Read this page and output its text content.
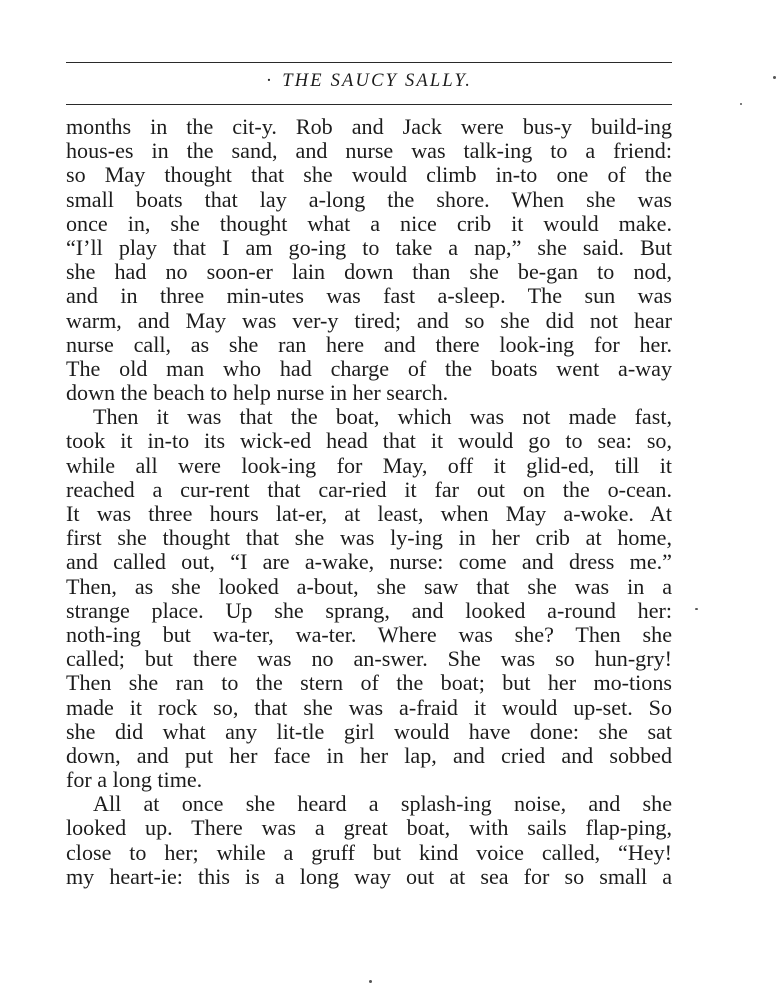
· THE SAUCY SALLY.
months in the cit-y. Rob and Jack were bus-y build-ing
hous-es in the sand, and nurse was talk-ing to a friend:
so May thought that she would climb in-to one of the
small boats that lay a-long the shore. When she was
once in, she thought what a nice crib it would make.
“I’ll play that I am go-ing to take a nap,” she said. But
she had no soon-er lain down than she be-gan to nod,
and in three min-utes was fast a-sleep. The sun was
warm, and May was ver-y tired; and so she did not hear
nurse call, as she ran here and there look-ing for her.
The old man who had charge of the boats went a-way
down the beach to help nurse in her search.
Then it was that the boat, which was not made fast,
took it in-to its wick-ed head that it would go to sea: so,
while all were look-ing for May, off it glid-ed, till it
reached a cur-rent that car-ried it far out on the o-cean.
It was three hours lat-er, at least, when May a-woke. At
first she thought that she was ly-ing in her crib at home,
and called out, “I are a-wake, nurse: come and dress me.”
Then, as she looked a-bout, she saw that she was in a
strange place. Up she sprang, and looked a-round her:
noth-ing but wa-ter, wa-ter. Where was she? Then she
called; but there was no an-swer. She was so hun-gry!
Then she ran to the stern of the boat; but her mo-tions
made it rock so, that she was a-fraid it would up-set. So
she did what any lit-tle girl would have done: she sat
down, and put her face in her lap, and cried and sobbed
for a long time.
All at once she heard a splash-ing noise, and she
looked up. There was a great boat, with sails flap-ping,
close to her; while a gruff but kind voice called, “Hey!
my heart-ie: this is a long way out at sea for so small a
